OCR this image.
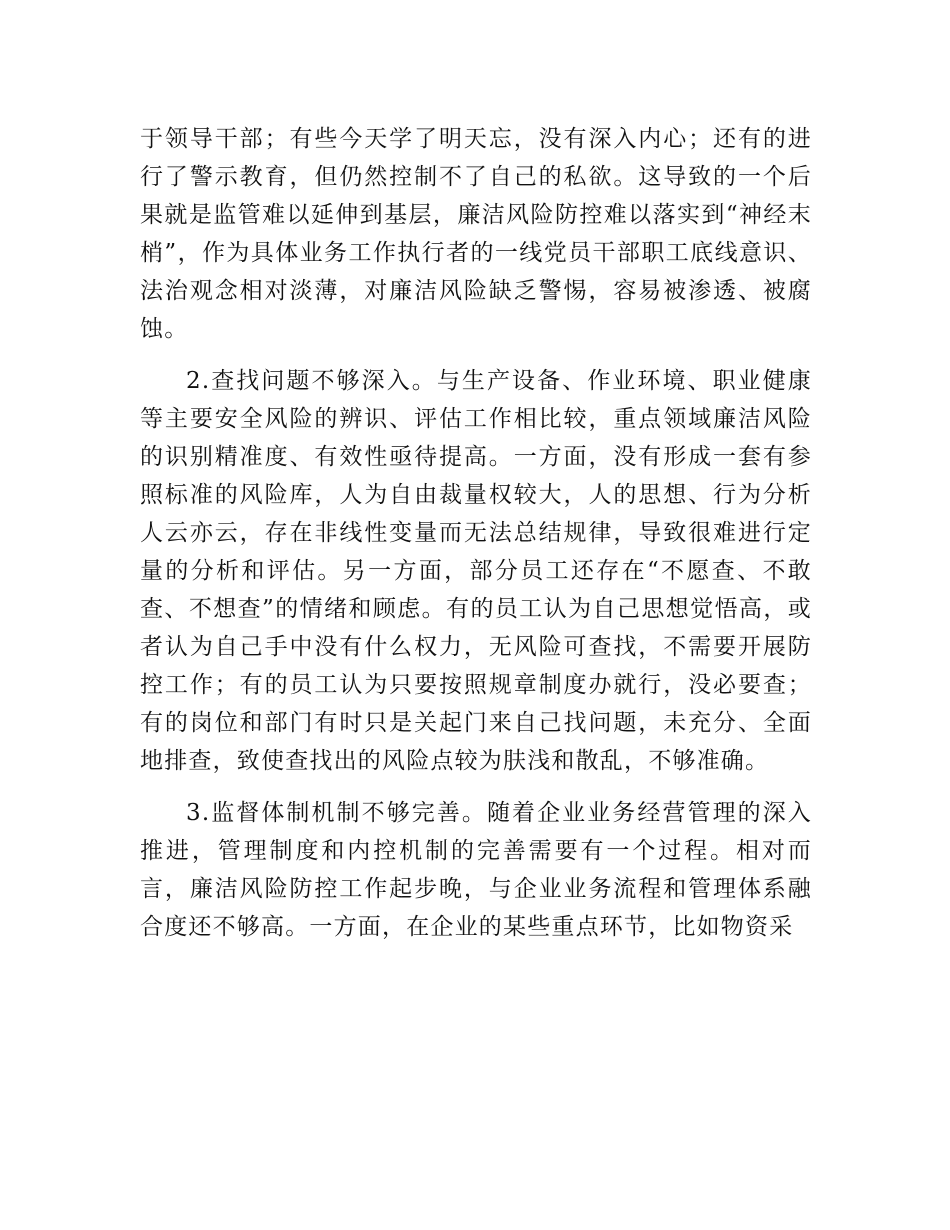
于领导干部；有些今天学了明天忘，没有深入内心；还有的进行了警示教育，但仍然控制不了自己的私欲。这导致的一个后果就是监管难以延伸到基层，廉洁风险防控难以落实到“神经末梢”，作为具体业务工作执行者的一线党员干部职工底线意识、法治观念相对淡薄，对廉洁风险缺乏警惕，容易被渗透、被腐蚀。

2.查找问题不够深入。与生产设备、作业环境、职业健康等主要安全风险的辨识、评估工作相比较，重点领域廉洁风险的识别精准度、有效性亟待提高。一方面，没有形成一套有参照标准的风险库，人为自由裁量权较大，人的思想、行为分析人云亦云，存在非线性变量而无法总结规律，导致很难进行定量的分析和评估。另一方面，部分员工还存在“不愿查、不敢查、不想查”的情绪和顾虑。有的员工认为自己思想觉悟高，或者认为自己手中没有什么权力，无风险可查找，不需要开展防控工作；有的员工认为只要按照规章制度办就行，没必要查；有的岗位和部门有时只是关起门来自己找问题，未充分、全面地排查，致使查找出的风险点较为肤浅和散乱，不够准确。

3.监督体制机制不够完善。随着企业业务经营管理的深入推进，管理制度和内控机制的完善需要有一个过程。相对而言，廉洁风险防控工作起步晚，与企业业务流程和管理体系融合度还不够高。一方面，在企业的某些重点环节，比如物资采
